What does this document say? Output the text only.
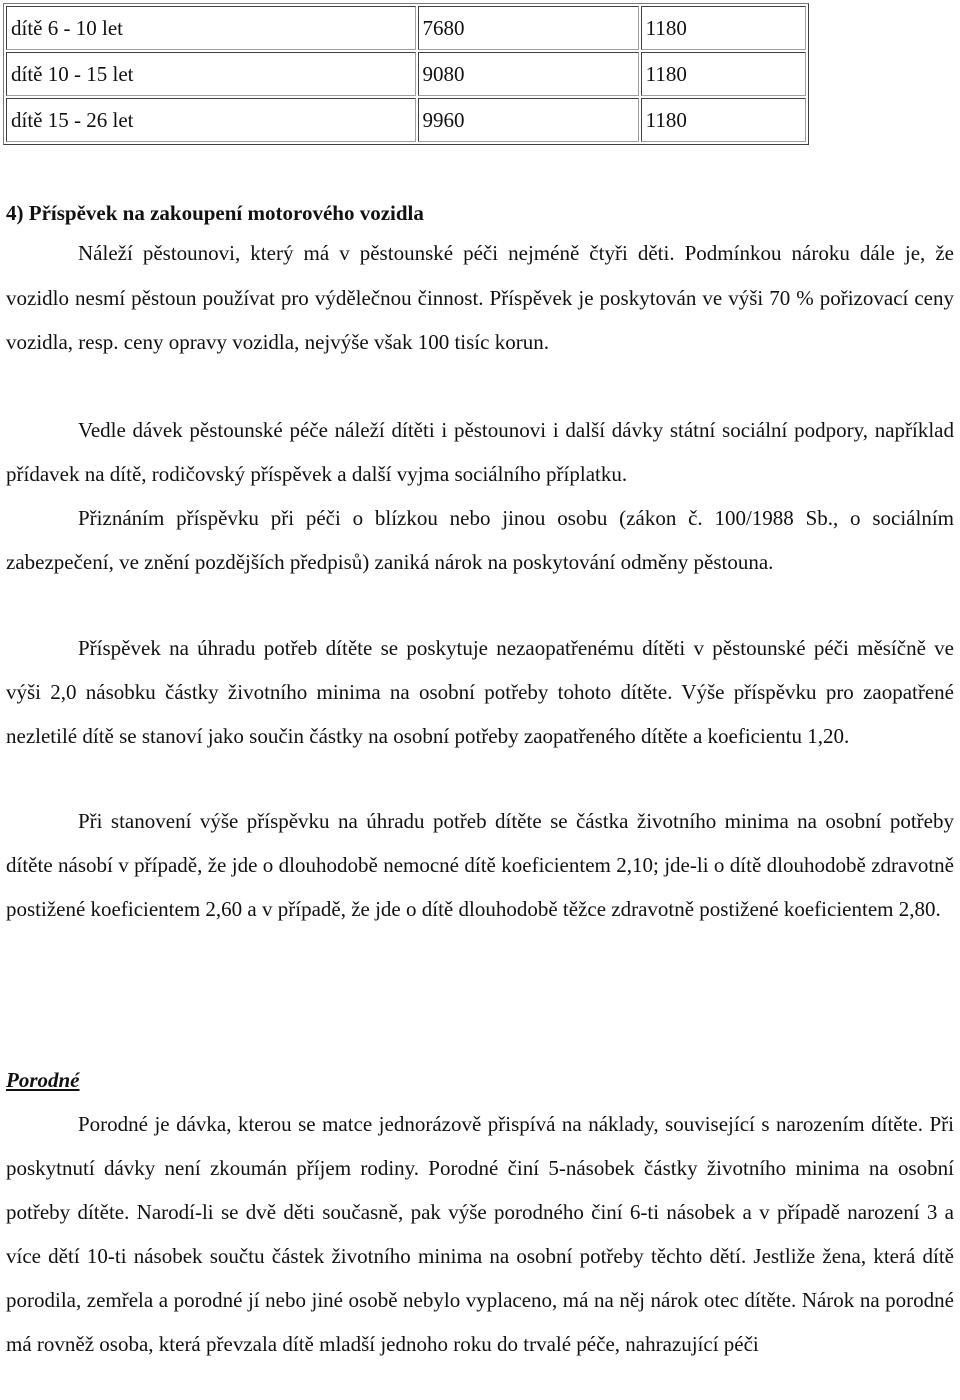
dítě 6 - 10 let	7680	1180
dítě 10 - 15 let	9080	1180
dítě 15 - 26 let	9960	1180
4) Příspěvek na zakoupení motorového vozidla

Náleží pěstounovi, který má v pěstounské péči nejméně čtyři děti. Podmínkou nároku dále je, že vozidlo nesmí pěstoun používat pro výdělečnou činnost. Příspěvek je poskytován ve výši 70 % pořizovací ceny vozidla, resp. ceny opravy vozidla, nejvýše však 100 tisíc korun.

Vedle dávek pěstounské péče náleží dítěti i pěstounovi i další dávky státní sociální podpory, například přídavek na dítě, rodičovský příspěvek a další vyjma sociálního příplatku.

Přiznáním příspěvku při péči o blízkou nebo jinou osobu (zákon č. 100/1988 Sb., o sociálním zabezpečení, ve znění pozdějších předpisů) zaniká nárok na poskytování odměny pěstouna.

Příspěvek na úhradu potřeb dítěte se poskytuje nezaopatřenému dítěti v pěstounské péči měsíčně ve výši 2,0 násobku částky životního minima na osobní potřeby tohoto dítěte. Výše příspěvku pro zaopatřené nezletilé dítě se stanoví jako součin částky na osobní potřeby zaopatřeného dítěte a koeficientu 1,20.

Při stanovení výše příspěvku na úhradu potřeb dítěte se částka životního minima na osobní potřeby dítěte násobí v případě, že jde o dlouhodobě nemocné dítě koeficientem 2,10; jde-li o dítě dlouhodobě zdravotně postižené koeficientem 2,60 a v případě, že jde o dítě dlouhodobě těžce zdravotně postižené koeficientem 2,80.

Porodné

Porodné je dávka, kterou se matce jednorázově přispívá na náklady, související s narozením dítěte. Při poskytnutí dávky není zkoumán příjem rodiny. Porodné činí 5-násobek částky životního minima na osobní potřeby dítěte. Narodí-li se dvě děti současně, pak výše porodného činí 6-ti násobek a v případě narození 3 a více dětí 10-ti násobek součtu částek životního minima na osobní potřeby těchto dětí. Jestliže žena, která dítě porodila, zemřela a porodné jí nebo jiné osobě nebylo vyplaceno, má na něj nárok otec dítěte. Nárok na porodné má rovněž osoba, která převzala dítě mladší jednoho roku do trvalé péče, nahrazující péči
